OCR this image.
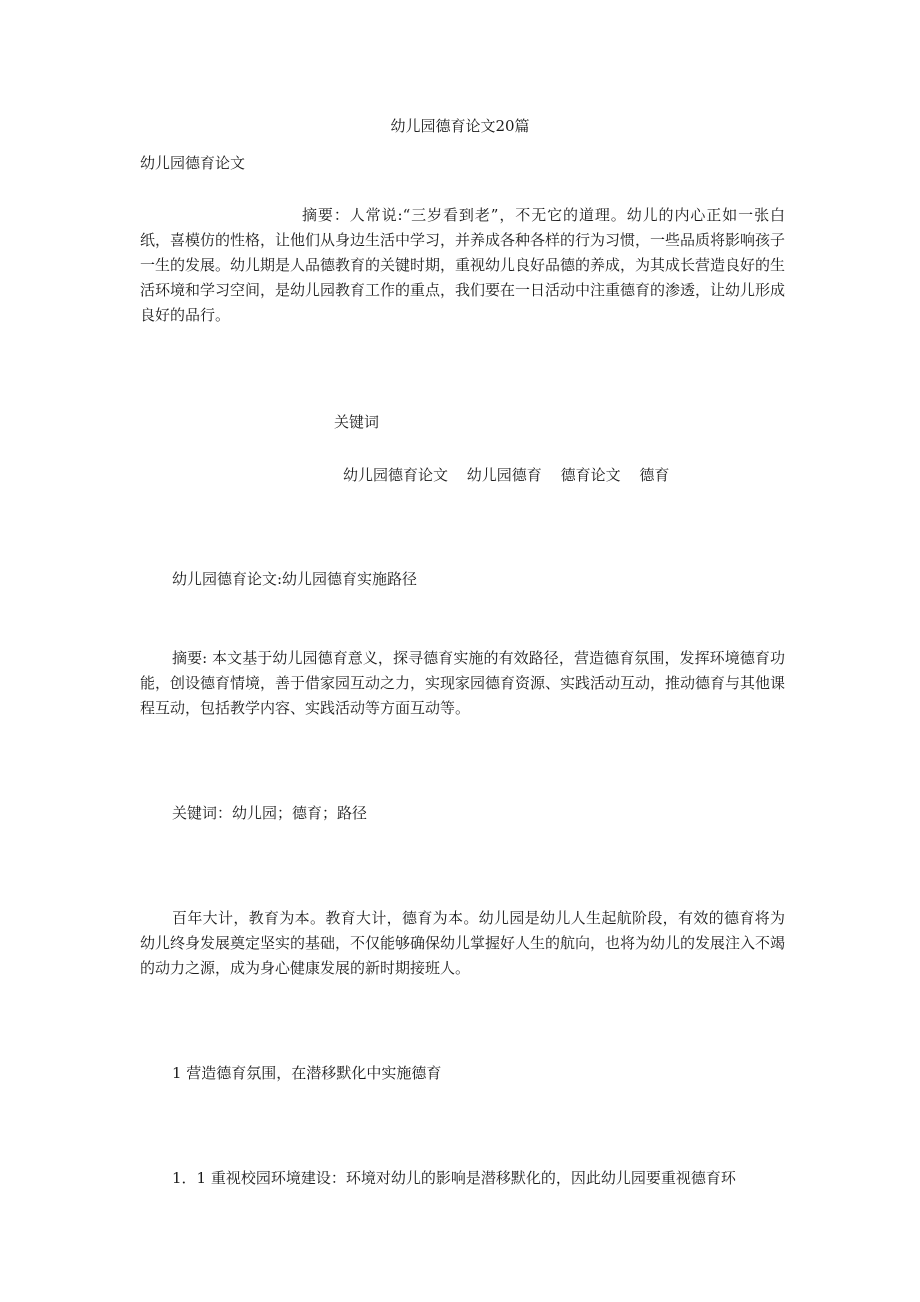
幼儿园德育论文20篇
幼儿园德育论文
摘要：人常说:“三岁看到老”，不无它的道理。幼儿的内心正如一张白纸，喜模仿的性格，让他们从身边生活中学习，并养成各种各样的行为习惯，一些品质将影响孩子一生的发展。幼儿期是人品德教育的关键时期，重视幼儿良好品德的养成，为其成长营造良好的生活环境和学习空间，是幼儿园教育工作的重点，我们要在一日活动中注重德育的渗透，让幼儿形成良好的品行。
关键词
幼儿园德育论文 幼儿园德育 德育论文 德育
幼儿园德育论文:幼儿园德育实施路径
摘要: 本文基于幼儿园德育意义，探寻德育实施的有效路径，营造德育氛围，发挥环境德育功能，创设德育情境，善于借家园互动之力，实现家园德育资源、实践活动互动，推动德育与其他课程互动，包括教学内容、实践活动等方面互动等。
关键词：幼儿园；德育；路径
百年大计，教育为本。教育大计，德育为本。幼儿园是幼儿人生起航阶段，有效的德育将为幼儿终身发展奠定坚实的基础，不仅能够确保幼儿掌握好人生的航向，也将为幼儿的发展注入不竭的动力之源，成为身心健康发展的新时期接班人。
1 营造德育氛围，在潜移默化中实施德育
1．1 重视校园环境建设：环境对幼儿的影响是潜移默化的，因此幼儿园要重视德育环
